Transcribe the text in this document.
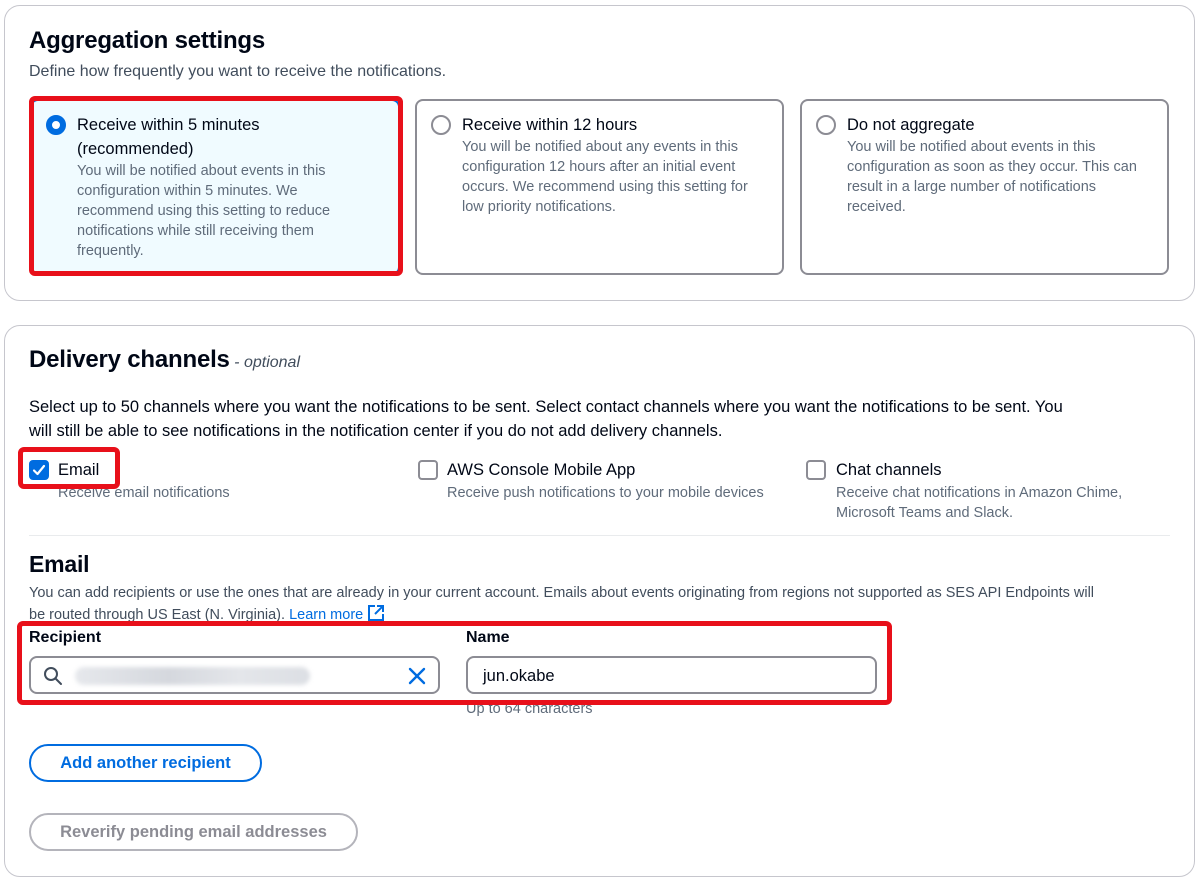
Aggregation settings
Define how frequently you want to receive the notifications.
Receive within 5 minutes
(recommended)
You will be notified about events in this
configuration within 5 minutes. We
recommend using this setting to reduce
notifications while still receiving them
frequently.
Receive within 12 hours
You will be notified about any events in this
configuration 12 hours after an initial event
occurs. We recommend using this setting for
low priority notifications.
Do not aggregate
You will be notified about events in this
configuration as soon as they occur. This can
result in a large number of notifications
received.
Delivery channels - optional
Select up to 50 channels where you want the notifications to be sent. Select contact channels where you want the notifications to be sent. You
will still be able to see notifications in the notification center if you do not add delivery channels.
Email
Receive email notifications
AWS Console Mobile App
Receive push notifications to your mobile devices
Chat channels
Receive chat notifications in Amazon Chime,
Microsoft Teams and Slack.
Email
You can add recipients or use the ones that are already in your current account. Emails about events originating from regions not supported as SES API Endpoints will
be routed through US East (N. Virginia). Learn more
Recipient	Name
jun.okabe
Up to 64 characters
Add another recipient
Reverify pending email addresses
